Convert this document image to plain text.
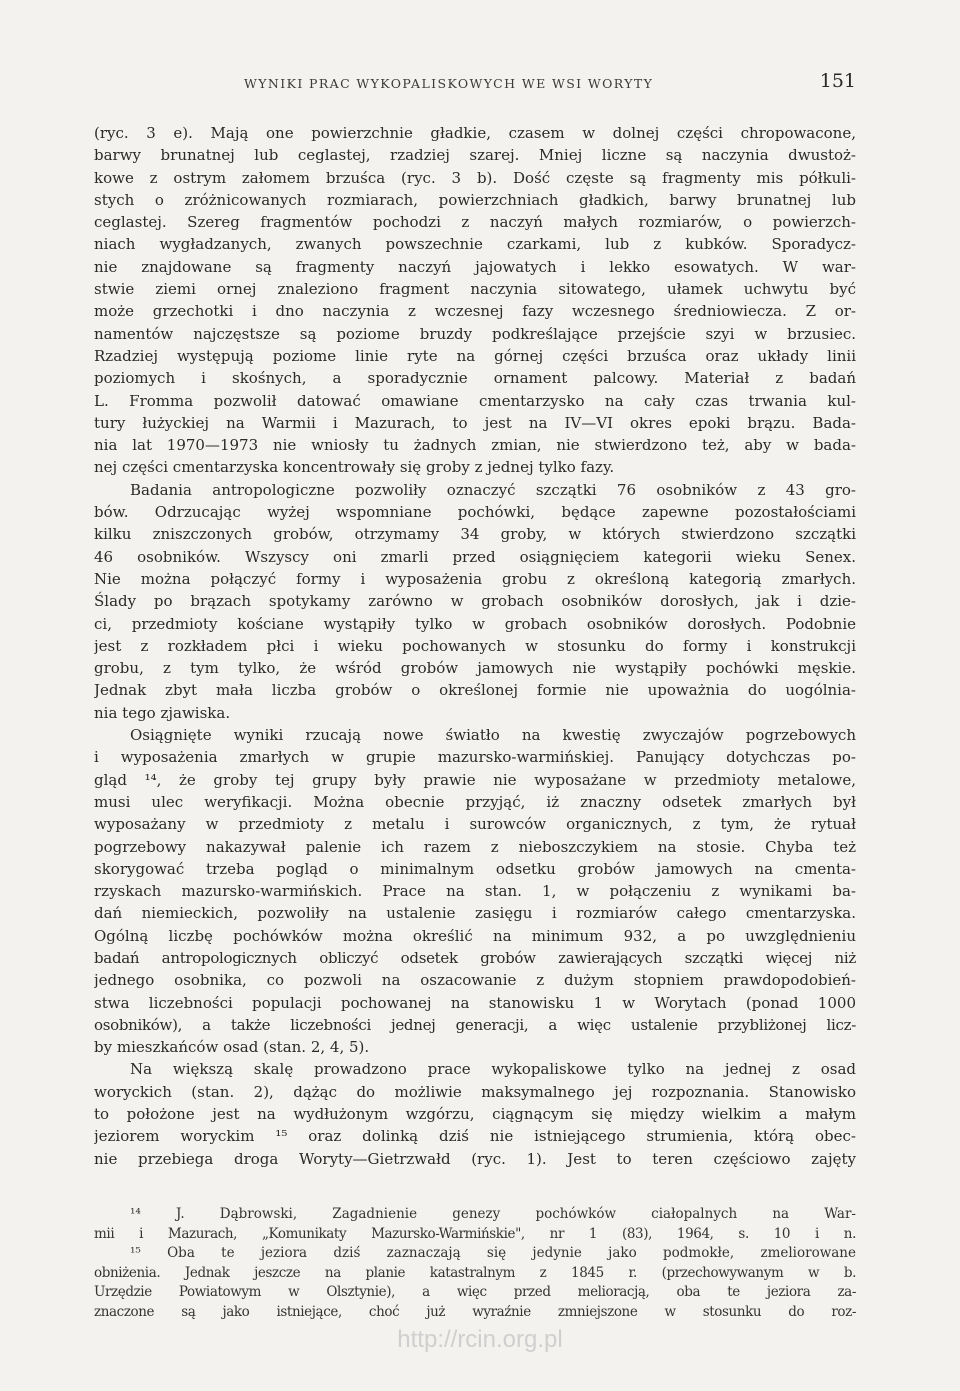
WYNIKI PRAC WYKOPALISKOWYCH WE WSI WORYTY	151
(ryc. 3 e). Mają one powierzchnie gładkie, czasem w dolnej części chropowacone,
barwy brunatnej lub ceglastej, rzadziej szarej. Mniej liczne są naczynia dwustoż-
kowe z ostrym załomem brzuśca (ryc. 3 b). Dość częste są fragmenty mis półkuli-
stych o zróżnicowanych rozmiarach, powierzchniach gładkich, barwy brunatnej lub
ceglastej. Szereg fragmentów pochodzi z naczyń małych rozmiarów, o powierzch-
niach wygładzanych, zwanych powszechnie czarkami, lub z kubków. Sporadycz-
nie znajdowane są fragmenty naczyń jajowatych i lekko esowatych. W war-
stwie ziemi ornej znaleziono fragment naczynia sitowatego, ułamek uchwytu być
może grzechotki i dno naczynia z wczesnej fazy wczesnego średniowiecza. Z or-
namentów najczęstsze są poziome bruzdy podkreślające przejście szyi w brzusiec.
Rzadziej występują poziome linie ryte na górnej części brzuśca oraz układy linii
poziomych i skośnych, a sporadycznie ornament palcowy. Materiał z badań
L. Fromma pozwolił datować omawiane cmentarzysko na cały czas trwania kul-
tury łużyckiej na Warmii i Mazurach, to jest na IV—VI okres epoki brązu. Bada-
nia lat 1970—1973 nie wniosły tu żadnych zmian, nie stwierdzono też, aby w bada-
nej części cmentarzyska koncentrowały się groby z jednej tylko fazy.
Badania antropologiczne pozwoliły oznaczyć szczątki 76 osobników z 43 gro-
bów. Odrzucając wyżej wspomniane pochówki, będące zapewne pozostałościami
kilku zniszczonych grobów, otrzymamy 34 groby, w których stwierdzono szczątki
46 osobników. Wszyscy oni zmarli przed osiągnięciem kategorii wieku Senex.
Nie można połączyć formy i wyposażenia grobu z określoną kategorią zmarłych.
Ślady po brązach spotykamy zarówno w grobach osobników dorosłych, jak i dzie-
ci, przedmioty kościane wystąpiły tylko w grobach osobników dorosłych. Podobnie
jest z rozkładem płci i wieku pochowanych w stosunku do formy i konstrukcji
grobu, z tym tylko, że wśród grobów jamowych nie wystąpiły pochówki męskie.
Jednak zbyt mała liczba grobów o określonej formie nie upoważnia do uogólnia-
nia tego zjawiska.
Osiągnięte wyniki rzucają nowe światło na kwestię zwyczajów pogrzebowych
i wyposażenia zmarłych w grupie mazursko-warmińskiej. Panujący dotychczas po-
gląd ¹⁴, że groby tej grupy były prawie nie wyposażane w przedmioty metalowe,
musi ulec weryfikacji. Można obecnie przyjąć, iż znaczny odsetek zmarłych był
wyposażany w przedmioty z metalu i surowców organicznych, z tym, że rytuał
pogrzebowy nakazywał palenie ich razem z nieboszczykiem na stosie. Chyba też
skorygować trzeba pogląd o minimalnym odsetku grobów jamowych na cmenta-
rzyskach mazursko-warmińskich. Prace na stan. 1, w połączeniu z wynikami ba-
dań niemieckich, pozwoliły na ustalenie zasięgu i rozmiarów całego cmentarzyska.
Ogólną liczbę pochówków można określić na minimum 932, a po uwzględnieniu
badań antropologicznych obliczyć odsetek grobów zawierających szczątki więcej niż
jednego osobnika, co pozwoli na oszacowanie z dużym stopniem prawdopodobień-
stwa liczebności populacji pochowanej na stanowisku 1 w Worytach (ponad 1000
osobników), a także liczebności jednej generacji, a więc ustalenie przybliżonej licz-
by mieszkańców osad (stan. 2, 4, 5).
Na większą skalę prowadzono prace wykopaliskowe tylko na jednej z osad
woryckich (stan. 2), dążąc do możliwie maksymalnego jej rozpoznania. Stanowisko
to położone jest na wydłużonym wzgórzu, ciągnącym się między wielkim a małym
jeziorem woryckim ¹⁵ oraz dolinką dziś nie istniejącego strumienia, którą obec-
nie przebiega droga Woryty—Gietrzwałd (ryc. 1). Jest to teren częściowo zajęty
¹⁴ J. Dąbrowski, Zagadnienie genezy pochówków ciałopalnych na War-
mii i Mazurach, „Komunikaty Mazursko-Warmińskie", nr 1 (83), 1964, s. 10 i n.
¹⁵ Oba te jeziora dziś zaznaczają się jedynie jako podmokłe, zmeliorowane
obniżenia. Jednak jeszcze na planie katastralnym z 1845 r. (przechowywanym w b.
Urzędzie Powiatowym w Olsztynie), a więc przed melioracją, oba te jeziora za-
znaczone są jako istniejące, choć już wyraźnie zmniejszone w stosunku do roz-
http://rcin.org.pl
